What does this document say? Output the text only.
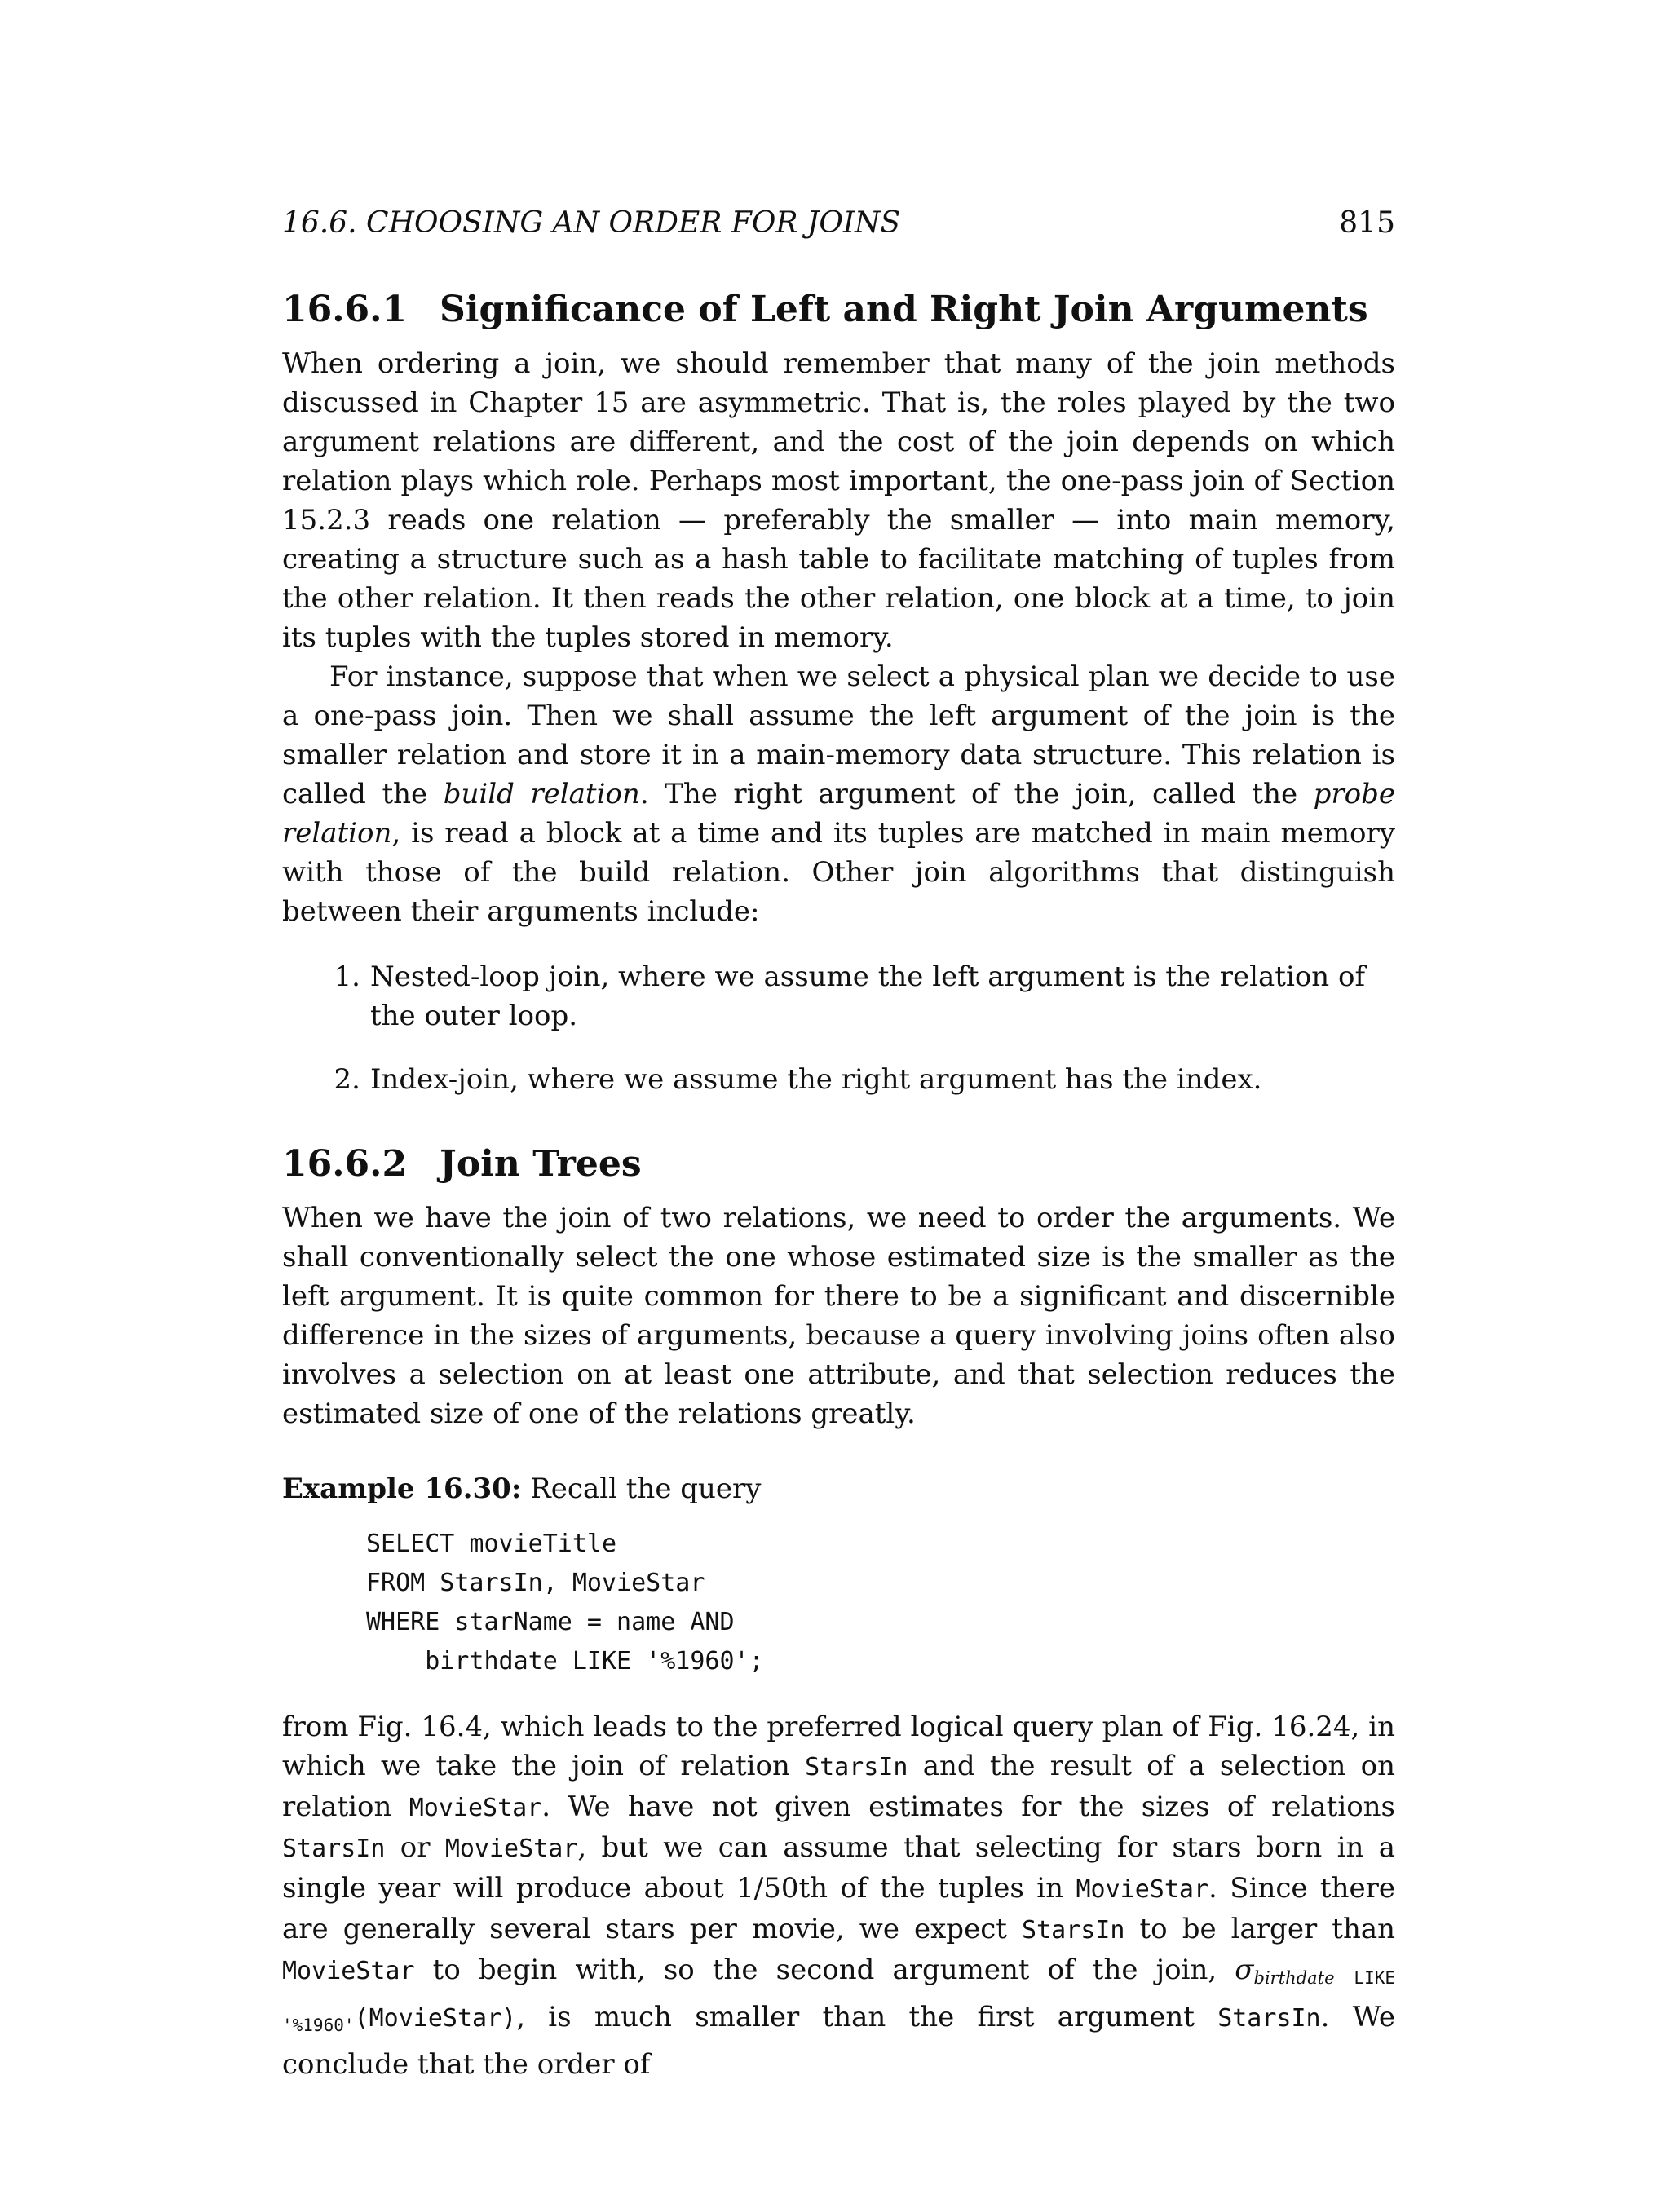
16.6. CHOOSING AN ORDER FOR JOINS	815
16.6.1 Significance of Left and Right Join Arguments

When ordering a join, we should remember that many of the join methods discussed in Chapter 15 are asymmetric. That is, the roles played by the two argument relations are different, and the cost of the join depends on which relation plays which role. Perhaps most important, the one-pass join of Section 15.2.3 reads one relation — preferably the smaller — into main memory, creating a structure such as a hash table to facilitate matching of tuples from the other relation. It then reads the other relation, one block at a time, to join its tuples with the tuples stored in memory.

For instance, suppose that when we select a physical plan we decide to use a one-pass join. Then we shall assume the left argument of the join is the smaller relation and store it in a main-memory data structure. This relation is called the build relation. The right argument of the join, called the probe relation, is read a block at a time and its tuples are matched in main memory with those of the build relation. Other join algorithms that distinguish between their arguments include:

1. Nested-loop join, where we assume the left argument is the relation of the outer loop.
2. Index-join, where we assume the right argument has the index.
16.6.2 Join Trees

When we have the join of two relations, we need to order the arguments. We shall conventionally select the one whose estimated size is the smaller as the left argument. It is quite common for there to be a significant and discernible difference in the sizes of arguments, because a query involving joins often also involves a selection on at least one attribute, and that selection reduces the estimated size of one of the relations greatly.

Example 16.30: Recall the query
SELECT movieTitle
FROM StarsIn, MovieStar
WHERE starName = name AND
birthdate LIKE '%1960';

from Fig. 16.4, which leads to the preferred logical query plan of Fig. 16.24, in which we take the join of relation StarsIn and the result of a selection on relation MovieStar. We have not given estimates for the sizes of relations StarsIn or MovieStar, but we can assume that selecting for stars born in a single year will produce about 1/50th of the tuples in MovieStar. Since there are generally several stars per movie, we expect StarsIn to be larger than MovieStar to begin with, so the second argument of the join, $\sigma_{birthdate LIKE '\%1960'}(MovieStar)$, is much smaller than the first argument StarsIn. We conclude that the order of
